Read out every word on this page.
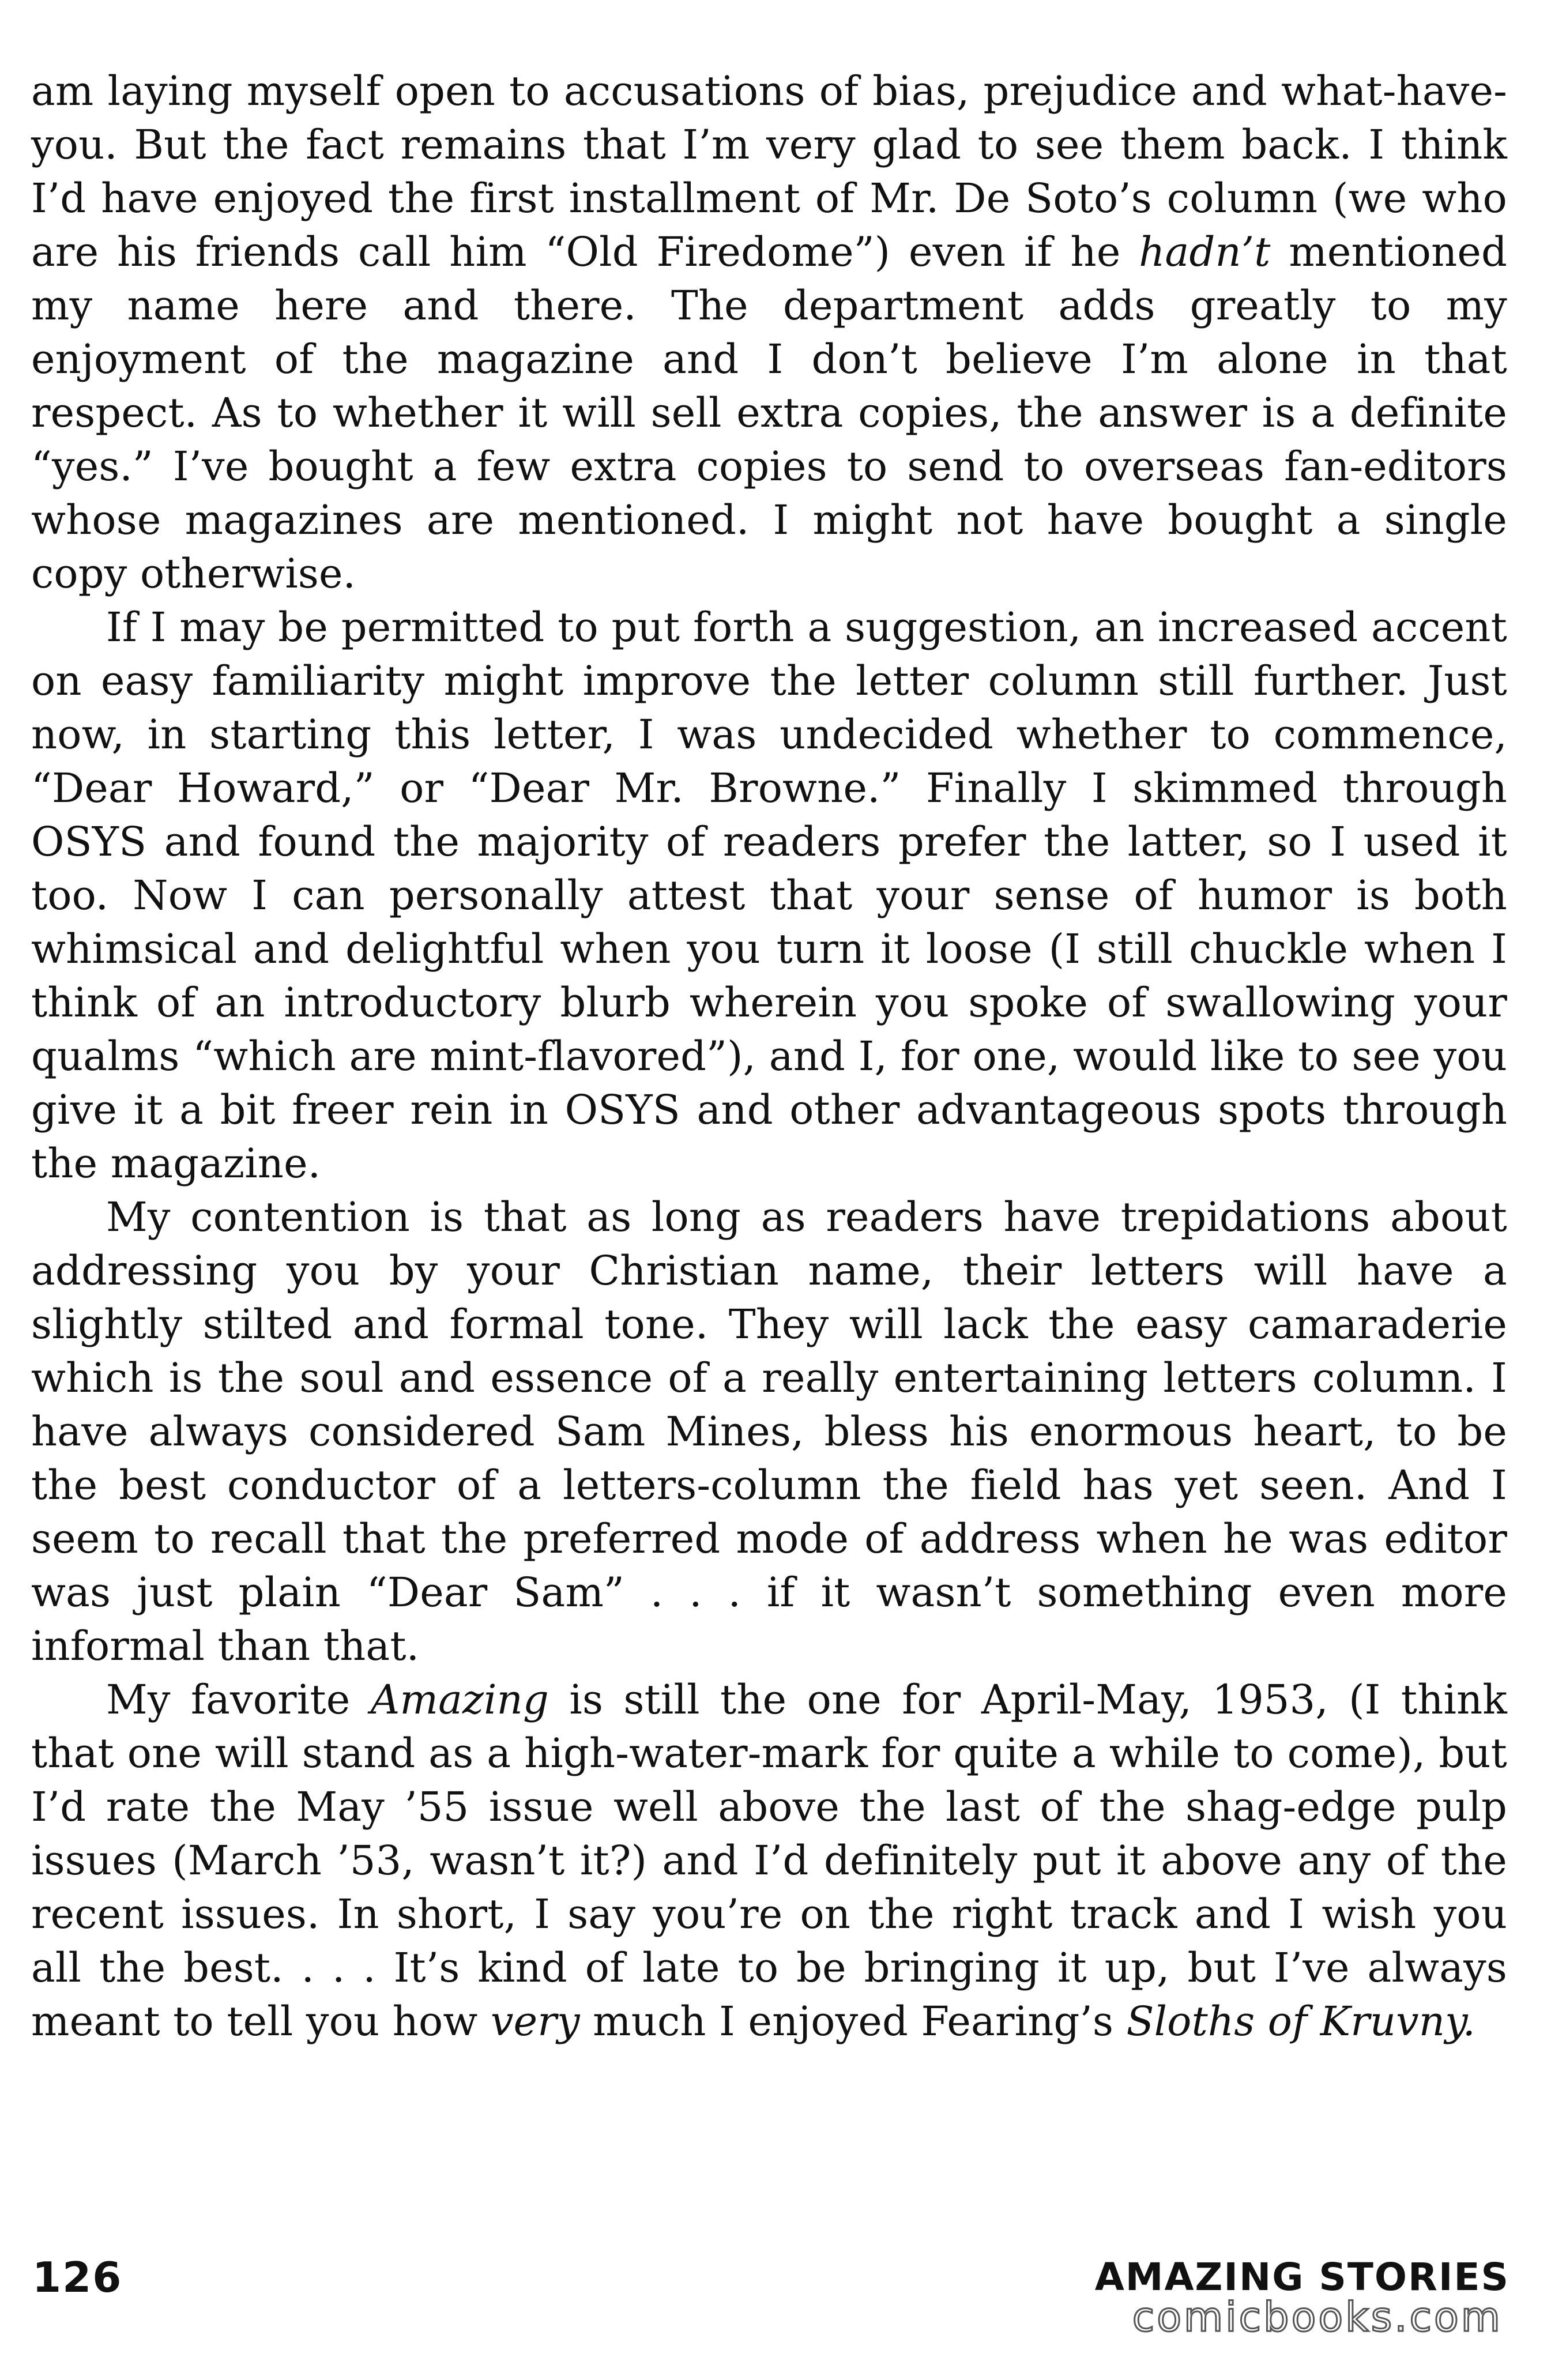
am laying myself open to accusations of bias, prejudice and what-have-you. But the fact remains that I’m very glad to see them back. I think I’d have enjoyed the first installment of Mr. De Soto’s column (we who are his friends call him “Old Firedome”) even if he hadn’t mentioned my name here and there. The department adds greatly to my enjoyment of the magazine and I don’t believe I’m alone in that respect. As to whether it will sell extra copies, the answer is a definite “yes.” I’ve bought a few extra copies to send to overseas fan-editors whose magazines are mentioned. I might not have bought a single copy otherwise.

If I may be permitted to put forth a suggestion, an increased accent on easy familiarity might improve the letter column still further. Just now, in starting this letter, I was undecided whether to commence, “Dear Howard,” or “Dear Mr. Browne.” Finally I skimmed through OSYS and found the majority of readers prefer the latter, so I used it too. Now I can personally attest that your sense of humor is both whimsical and delightful when you turn it loose (I still chuckle when I think of an introductory blurb wherein you spoke of swallowing your qualms “which are mint-flavored”), and I, for one, would like to see you give it a bit freer rein in OSYS and other advantageous spots through the magazine.

My contention is that as long as readers have trepidations about addressing you by your Christian name, their letters will have a slightly stilted and formal tone. They will lack the easy camaraderie which is the soul and essence of a really entertaining letters column. I have always considered Sam Mines, bless his enormous heart, to be the best conductor of a letters-column the field has yet seen. And I seem to recall that the preferred mode of address when he was editor was just plain “Dear Sam” . . . if it wasn’t something even more informal than that.

My favorite Amazing is still the one for April-May, 1953, (I think that one will stand as a high-water-mark for quite a while to come), but I’d rate the May ’55 issue well above the last of the shag-edge pulp issues (March ’53, wasn’t it?) and I’d definitely put it above any of the recent issues. In short, I say you’re on the right track and I wish you all the best. . . . It’s kind of late to be bringing it up, but I’ve always meant to tell you how very much I enjoyed Fearing’s Sloths of Kruvny.

126	AMAZING STORIES
comicbooks.com
